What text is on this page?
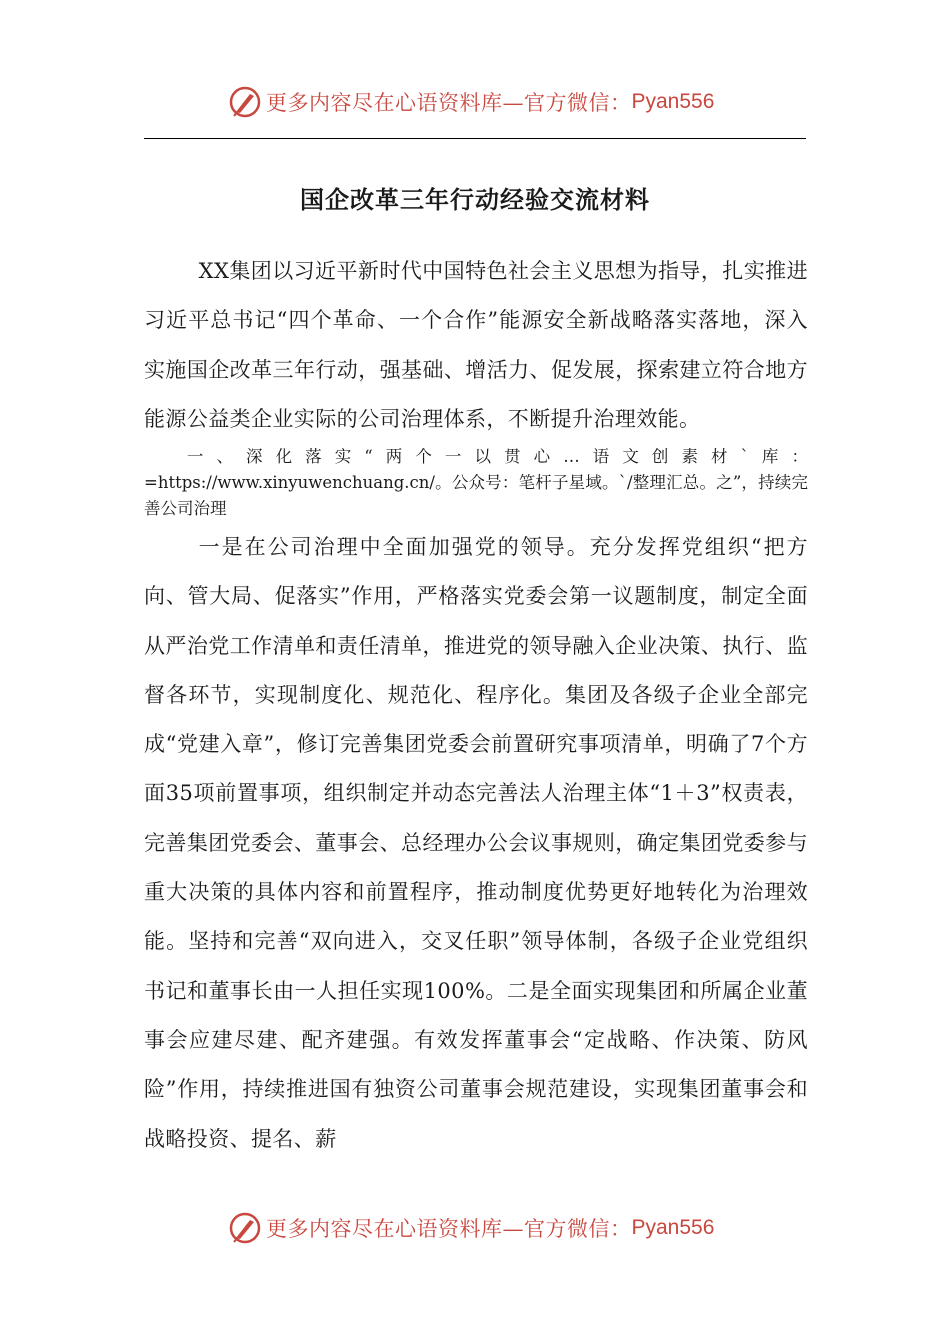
更多内容尽在心语资料库—官方微信： Pyan556
国企改革三年行动经验交流材料

XX集团以习近平新时代中国特色社会主义思想为指导，扎实推进习近平总书记“四个革命、一个合作”能源安全新战略落实落地，深入实施国企改革三年行动，强基础、增活力、促发展，探索建立符合地方能源公益类企业实际的公司治理体系，不断提升治理效能。

一、深化落实“两个一以贯心…语文创素材`库：=https://www.xinyuwenchuang.cn/。公众号：笔杆子星域。`/整理汇总。之”，持续完善公司治理

一是在公司治理中全面加强党的领导。充分发挥党组织“把方向、管大局、促落实”作用，严格落实党委会第一议题制度，制定全面从严治党工作清单和责任清单，推进党的领导融入企业决策、执行、监督各环节，实现制度化、规范化、程序化。集团及各级子企业全部完成“党建入章”，修订完善集团党委会前置研究事项清单，明确了7个方面35项前置事项，组织制定并动态完善法人治理主体“1＋3”权责表，完善集团党委会、董事会、总经理办公会议事规则，确定集团党委参与重大决策的具体内容和前置程序，推动制度优势更好地转化为治理效能。坚持和完善“双向进入，交叉任职”领导体制，各级子企业党组织书记和董事长由一人担任实现100%。二是全面实现集团和所属企业董事会应建尽建、配齐建强。有效发挥董事会“定战略、作决策、防风险”作用，持续推进国有独资公司董事会规范建设，实现集团董事会和战略投资、提名、薪

更多内容尽在心语资料库—官方微信： Pyan556
